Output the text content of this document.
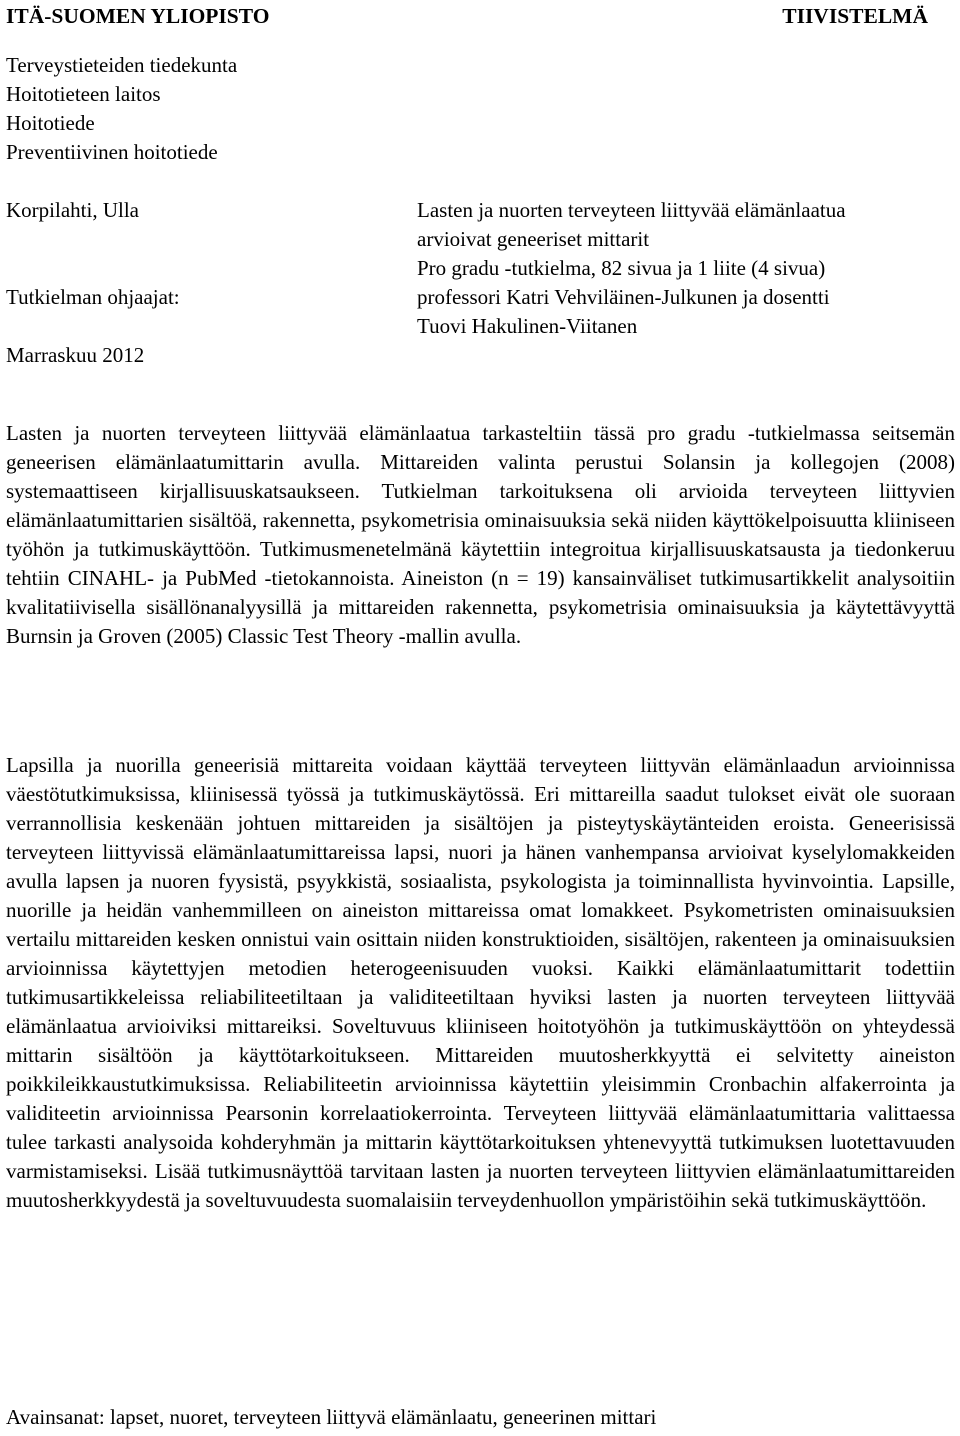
ITÄ-SUOMEN YLIOPISTO	TIIVISTELMÄ
Terveystieteiden tiedekunta
Hoitotieteen laitos
Hoitotiede
Preventiivinen hoitotiede
Korpilahti, Ulla
Tutkielman ohjaajat:
Marraskuu 2012
Lasten ja nuorten terveyteen liittyvää elämänlaatua
arvioivat geneeriset mittarit
Pro gradu -tutkielma, 82 sivua ja 1 liite (4 sivua)
professori Katri Vehviläinen-Julkunen ja dosentti
Tuovi Hakulinen-Viitanen
Lasten ja nuorten terveyteen liittyvää elämänlaatua tarkasteltiin tässä pro gradu -tutkielmassa seitsemän geneerisen elämänlaatumittarin avulla. Mittareiden valinta perustui Solansin ja kollegojen (2008) systemaattiseen kirjallisuuskatsaukseen. Tutkielman tarkoituksena oli arvioida terveyteen liittyvien elämänlaatumittarien sisältöä, rakennetta, psykometrisia ominaisuuksia sekä niiden käyttökelpoisuutta kliiniseen työhön ja tutkimuskäyttöön. Tutkimusmenetelmänä käytettiin integroitua kirjallisuuskatsausta ja tiedonkeruu tehtiin CINAHL- ja PubMed -tietokannoista. Aineiston (n = 19) kansainväliset tutkimusartikkelit analysoitiin kvalitatiivisella sisällönanalyysillä ja mittareiden rakennetta, psykometrisia ominaisuuksia ja käytettävyyttä Burnsin ja Groven (2005) Classic Test Theory -mallin avulla.
Lapsilla ja nuorilla geneerisiä mittareita voidaan käyttää terveyteen liittyvän elämänlaadun arvioinnissa väestötutkimuksissa, kliinisessä työssä ja tutkimuskäytössä. Eri mittareilla saadut tulokset eivät ole suoraan verrannollisia keskenään johtuen mittareiden ja sisältöjen ja pisteytyskäytänteiden eroista. Geneerisissä terveyteen liittyvissä elämänlaatumittareissa lapsi, nuori ja hänen vanhempansa arvioivat kyselylomakkeiden avulla lapsen ja nuoren fyysistä, psyykkistä, sosiaalista, psykologista ja toiminnallista hyvinvointia. Lapsille, nuorille ja heidän vanhemmilleen on aineiston mittareissa omat lomakkeet. Psykometristen ominaisuuksien vertailu mittareiden kesken onnistui vain osittain niiden konstruktioiden, sisältöjen, rakenteen ja ominaisuuksien arvioinnissa käytettyjen metodien heterogeenisuuden vuoksi. Kaikki elämänlaatumittarit todettiin tutkimusartikkeleissa reliabiliteetiltaan ja validiteetiltaan hyviksi lasten ja nuorten terveyteen liittyvää elämänlaatua arvioiviksi mittareiksi. Soveltuvuus kliiniseen hoitotyöhön ja tutkimuskäyttöön on yhteydessä mittarin sisältöön ja käyttötarkoitukseen. Mittareiden muutosherkkyyttä ei selvitetty aineiston poikkileikkaustutkimuksissa. Reliabiliteetin arvioinnissa käytettiin yleisimmin Cronbachin alfakerrointa ja validiteetin arvioinnissa Pearsonin korrelaatiokerrointa. Terveyteen liittyvää elämänlaatumittaria valittaessa tulee tarkasti analysoida kohderyhmän ja mittarin käyttötarkoituksen yhtenevyyttä tutkimuksen luotettavuuden varmistamiseksi. Lisää tutkimusnäyttöä tarvitaan lasten ja nuorten terveyteen liittyvien elämänlaatumittareiden muutosherkkyydestä ja soveltuvuudesta suomalaisiin terveydenhuollon ympäristöihin sekä tutkimuskäyttöön.
Avainsanat: lapset, nuoret, terveyteen liittyvä elämänlaatu, geneerinen mittari
